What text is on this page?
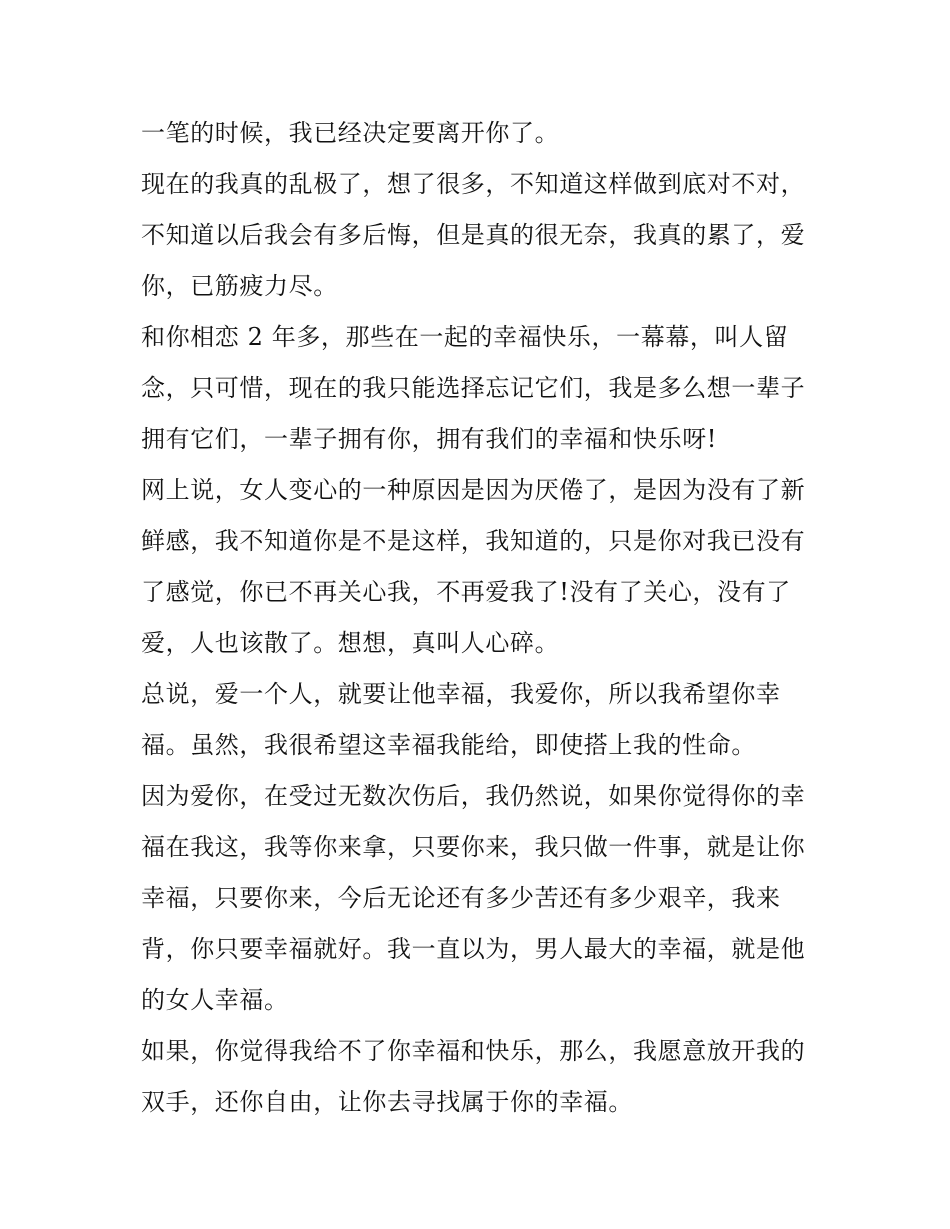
一笔的时候，我已经决定要离开你了。
现在的我真的乱极了，想了很多，不知道这样做到底对不对，
不知道以后我会有多后悔，但是真的很无奈，我真的累了，爱
你，已筋疲力尽。
和你相恋 2 年多，那些在一起的幸福快乐，一幕幕，叫人留
念，只可惜，现在的我只能选择忘记它们，我是多么想一辈子
拥有它们，一辈子拥有你，拥有我们的幸福和快乐呀!
网上说，女人变心的一种原因是因为厌倦了，是因为没有了新
鲜感，我不知道你是不是这样，我知道的，只是你对我已没有
了感觉，你已不再关心我，不再爱我了!没有了关心，没有了
爱，人也该散了。想想，真叫人心碎。
总说，爱一个人，就要让他幸福，我爱你，所以我希望你幸
福。虽然，我很希望这幸福我能给，即使搭上我的性命。
因为爱你，在受过无数次伤后，我仍然说，如果你觉得你的幸
福在我这，我等你来拿，只要你来，我只做一件事，就是让你
幸福，只要你来，今后无论还有多少苦还有多少艰辛，我来
背，你只要幸福就好。我一直以为，男人最大的幸福，就是他
的女人幸福。
如果，你觉得我给不了你幸福和快乐，那么，我愿意放开我的
双手，还你自由，让你去寻找属于你的幸福。
